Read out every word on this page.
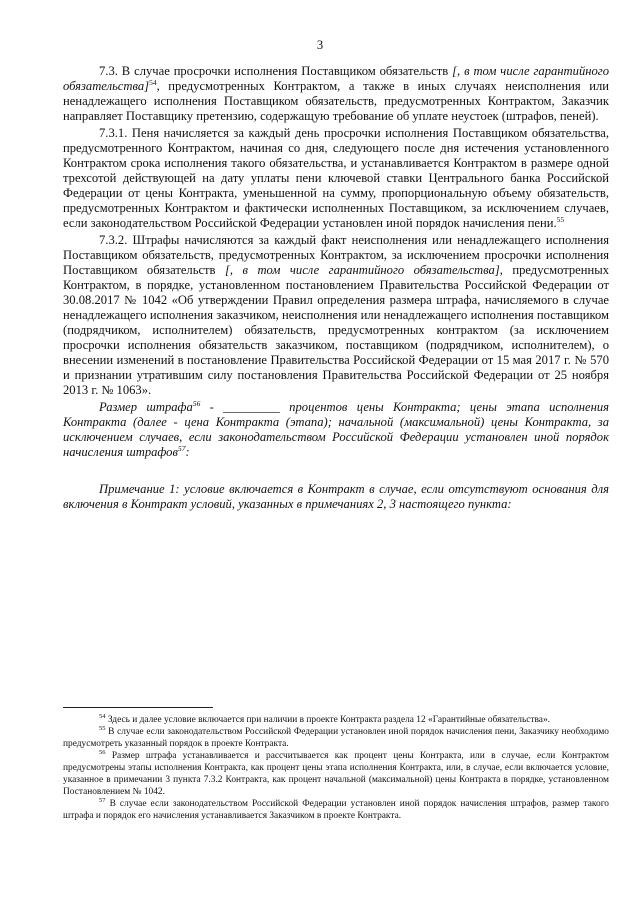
3

7.3. В случае просрочки исполнения Поставщиком обязательств [, в том числе гарантийного обязательства]$^{54}$, предусмотренных Контрактом, а также в иных случаях неисполнения или ненадлежащего исполнения Поставщиком обязательств, предусмотренных Контрактом, Заказчик направляет Поставщику претензию, содержащую требование об уплате неустоек (штрафов, пеней).

7.3.1. Пеня начисляется за каждый день просрочки исполнения Поставщиком обязательства, предусмотренного Контрактом, начиная со дня, следующего после дня истечения установленного Контрактом срока исполнения такого обязательства, и устанавливается Контрактом в размере одной трехсотой действующей на дату уплаты пени ключевой ставки Центрального банка Российской Федерации от цены Контракта, уменьшенной на сумму, пропорциональную объему обязательств, предусмотренных Контрактом и фактически исполненных Поставщиком, за исключением случаев, если законодательством Российской Федерации установлен иной порядок начисления пени.$^{55}$

7.3.2. Штрафы начисляются за каждый факт неисполнения или ненадлежащего исполнения Поставщиком обязательств, предусмотренных Контрактом, за исключением просрочки исполнения Поставщиком обязательств [, в том числе гарантийного обязательства], предусмотренных Контрактом, в порядке, установленном постановлением Правительства Российской Федерации от 30.08.2017 № 1042 «Об утверждении Правил определения размера штрафа, начисляемого в случае ненадлежащего исполнения заказчиком, неисполнения или ненадлежащего исполнения поставщиком (подрядчиком, исполнителем) обязательств, предусмотренных контрактом (за исключением просрочки исполнения обязательств заказчиком, поставщиком (подрядчиком, исполнителем), о внесении изменений в постановление Правительства Российской Федерации от 15 мая 2017 г. № 570 и признании утратившим силу постановления Правительства Российской Федерации от 25 ноября 2013 г. № 1063».

Размер штрафа$^{56}$ - _________ процентов цены Контракта; цены этапа исполнения Контракта (далее - цена Контракта (этапа); начальной (максимальной) цены Контракта, за исключением случаев, если законодательством Российской Федерации установлен иной порядок начисления штрафов$^{57}$:

Примечание 1: условие включается в Контракт в случае, если отсутствуют основания для включения в Контракт условий, указанных в примечаниях 2, 3 настоящего пункта:

$^{54}$ Здесь и далее условие включается при наличии в проекте Контракта раздела 12 «Гарантийные обязательства».

$^{55}$ В случае если законодательством Российской Федерации установлен иной порядок начисления пени, Заказчику необходимо предусмотреть указанный порядок в проекте Контракта.

$^{56}$ Размер штрафа устанавливается и рассчитывается как процент цены Контракта, или в случае, если Контрактом предусмотрены этапы исполнения Контракта, как процент цены этапа исполнения Контракта, или, в случае, если включается условие, указанное в примечании 3 пункта 7.3.2 Контракта, как процент начальной (максимальной) цены Контракта в порядке, установленном Постановлением № 1042.

$^{57}$ В случае если законодательством Российской Федерации установлен иной порядок начисления штрафов, размер такого штрафа и порядок его начисления устанавливается Заказчиком в проекте Контракта.
